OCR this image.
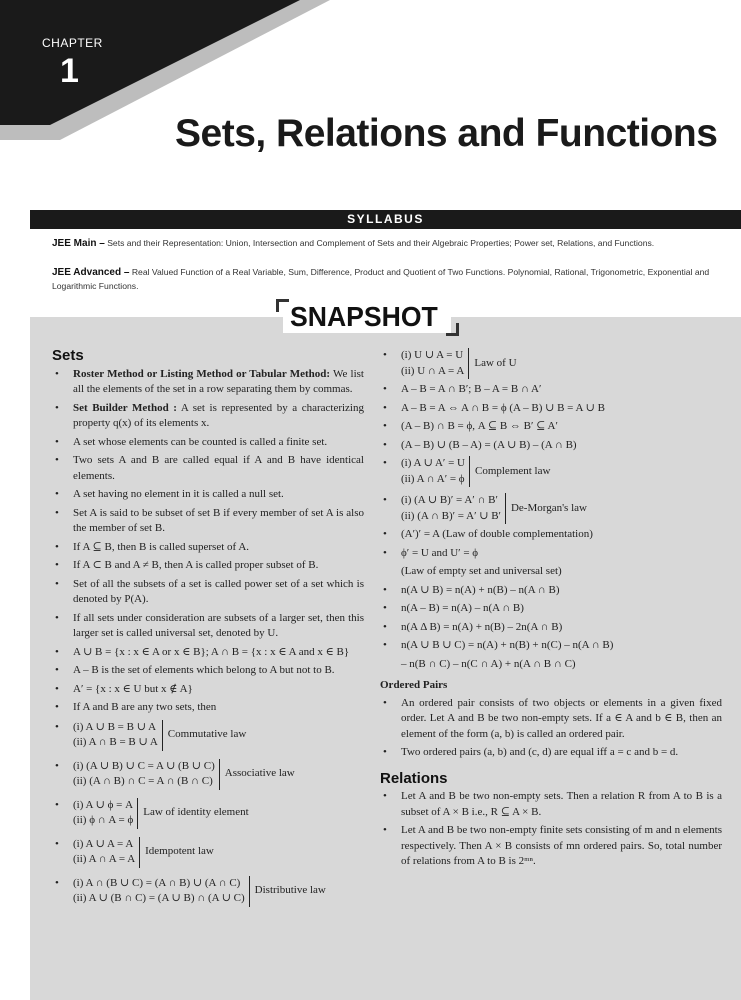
CHAPTER
1
Sets, Relations and Functions
SYLLABUS
JEE Main – Sets and their Representation: Union, Intersection and Complement of Sets and their Algebraic Properties; Power set, Relations, and Functions.
JEE Advanced – Real Valued Function of a Real Variable, Sum, Difference, Product and Quotient of Two Functions. Polynomial, Rational, Trigonometric, Exponential and Logarithmic Functions.
SNAPSHOT
Sets
• Roster Method or Listing Method or Tabular Method: We list all the elements of the set in a row separating them by commas.
• Set Builder Method : A set is represented by a characterizing property q(x) of its elements x.
• A set whose elements can be counted is called a finite set.
• Two sets A and B are called equal if A and B have identical elements.
• A set having no element in it is called a null set.
• Set A is said to be subset of set B if every member of set A is also the member of set B.
• If A ⊆ B, then B is called superset of A.
• If A ⊂ B and A ≠ B, then A is called proper subset of B.
• Set of all the subsets of a set is called power set of a set which is denoted by P(A).
• If all sets under consideration are subsets of a larger set, then this larger set is called universal set, denoted by U.
• A ∪ B = {x : x ∈ A or x ∈ B}; A ∩ B = {x : x ∈ A and x ∈ B}
• A – B is the set of elements which belong to A but not to B.
• A′ = {x : x ∈ U but x ∉ A}
• If A and B are any two sets, then
• (i) A ∪ B = B ∪ A
(ii) A ∩ B = B ∪ A
Commutative law
• (i) (A ∪ B) ∪ C = A ∪ (B ∪ C)
(ii) (A ∩ B) ∩ C = A ∩ (B ∩ C)
Associative law
• (i) A ∪ ϕ = A
(ii) ϕ ∩ A = ϕ
Law of identity element
• (i) A ∪ A = A
(ii) A ∩ A = A
Idempotent law
• (i) A ∩ (B ∪ C) = (A ∩ B) ∪ (A ∩ C)
(ii) A ∪ (B ∩ C) = (A ∪ B) ∩ (A ∪ C)
Distributive law
• (i) U ∪ A = U
(ii) U ∩ A = A
Law of U
• A – B = A ∩ B′; B – A = B ∩ A′
• A – B = A ⇔ A ∩ B = ϕ (A – B) ∪ B = A ∪ B
• (A – B) ∩ B = ϕ, A ⊆ B ⇔ B′ ⊆ A′
• (A – B) ∪ (B – A) = (A ∪ B) – (A ∩ B)
• (i) A ∪ A′ = U
(ii) A ∩ A′ = ϕ
Complement law
• (i) (A ∪ B)′ = A′ ∩ B′
(ii) (A ∩ B)′ = A′ ∪ B′
De-Morgan's law
• (A′)′ = A (Law of double complementation)
• ϕ′ = U and U′ = ϕ
(Law of empty set and universal set)
• n(A ∪ B) = n(A) + n(B) – n(A ∩ B)
• n(A – B) = n(A) – n(A ∩ B)
• n(A Δ B) = n(A) + n(B) – 2n(A ∩ B)
• n(A ∪ B ∪ C) = n(A) + n(B) + n(C) – n(A ∩ B)
– n(B ∩ C) – n(C ∩ A) + n(A ∩ B ∩ C)
Ordered Pairs
• An ordered pair consists of two objects or elements in a given fixed order. Let A and B be two non-empty sets. If a ∈ A and b ∈ B, then an element of the form (a, b) is called an ordered pair.
• Two ordered pairs (a, b) and (c, d) are equal iff a = c and b = d.
Relations
• Let A and B be two non-empty sets. Then a relation R from A to B is a subset of A × B i.e., R ⊆ A × B.
• Let A and B be two non-empty finite sets consisting of m and n elements respectively. Then A × B consists of mn ordered pairs. So, total number of relations from A to B is 2ᵐⁿ.
